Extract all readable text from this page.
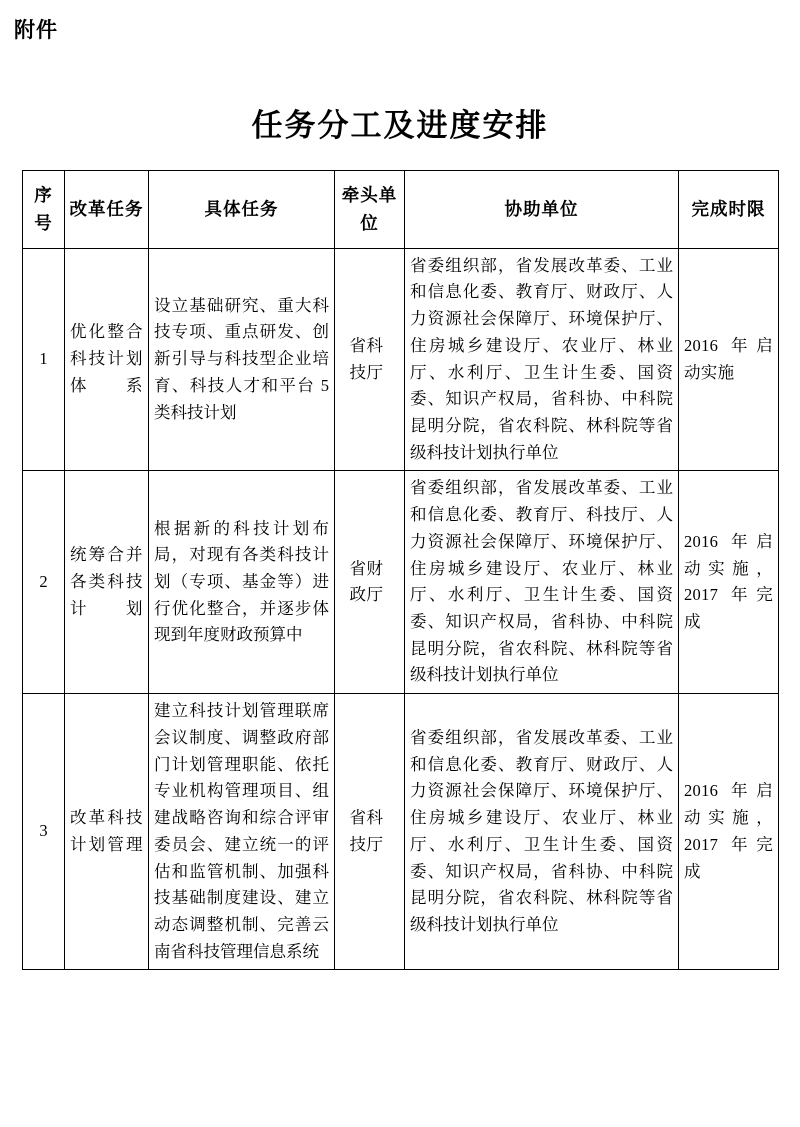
附件
任务分工及进度安排
序号	改革任务	具体任务	牵头单位	协助单位	完成时限
1	优化整合科技计划体系	设立基础研究、重大科技专项、重点研发、创新引导与科技型企业培育、科技人才和平台 5 类科技计划	省科技厅	省委组织部，省发展改革委、工业和信息化委、教育厅、财政厅、人力资源社会保障厅、环境保护厅、住房城乡建设厅、农业厅、林业厅、水利厅、卫生计生委、国资委、知识产权局，省科协、中科院昆明分院，省农科院、林科院等省级科技计划执行单位	2016 年启动实施
2	统筹合并各类科技计划	根据新的科技计划布局，对现有各类科技计划（专项、基金等）进行优化整合，并逐步体现到年度财政预算中	省财政厅	省委组织部，省发展改革委、工业和信息化委、教育厅、科技厅、人力资源社会保障厅、环境保护厅、住房城乡建设厅、农业厅、林业厅、水利厅、卫生计生委、国资委、知识产权局，省科协、中科院昆明分院，省农科院、林科院等省级科技计划执行单位	2016 年启动实施，2017 年完成
3	改革科技计划管理	建立科技计划管理联席会议制度、调整政府部门计划管理职能、依托专业机构管理项目、组建战略咨询和综合评审委员会、建立统一的评估和监管机制、加强科技基础制度建设、建立动态调整机制、完善云南省科技管理信息系统	省科技厅	省委组织部，省发展改革委、工业和信息化委、教育厅、财政厅、人力资源社会保障厅、环境保护厅、住房城乡建设厅、农业厅、林业厅、水利厅、卫生计生委、国资委、知识产权局，省科协、中科院昆明分院，省农科院、林科院等省级科技计划执行单位	2016 年启动实施，2017 年完成
